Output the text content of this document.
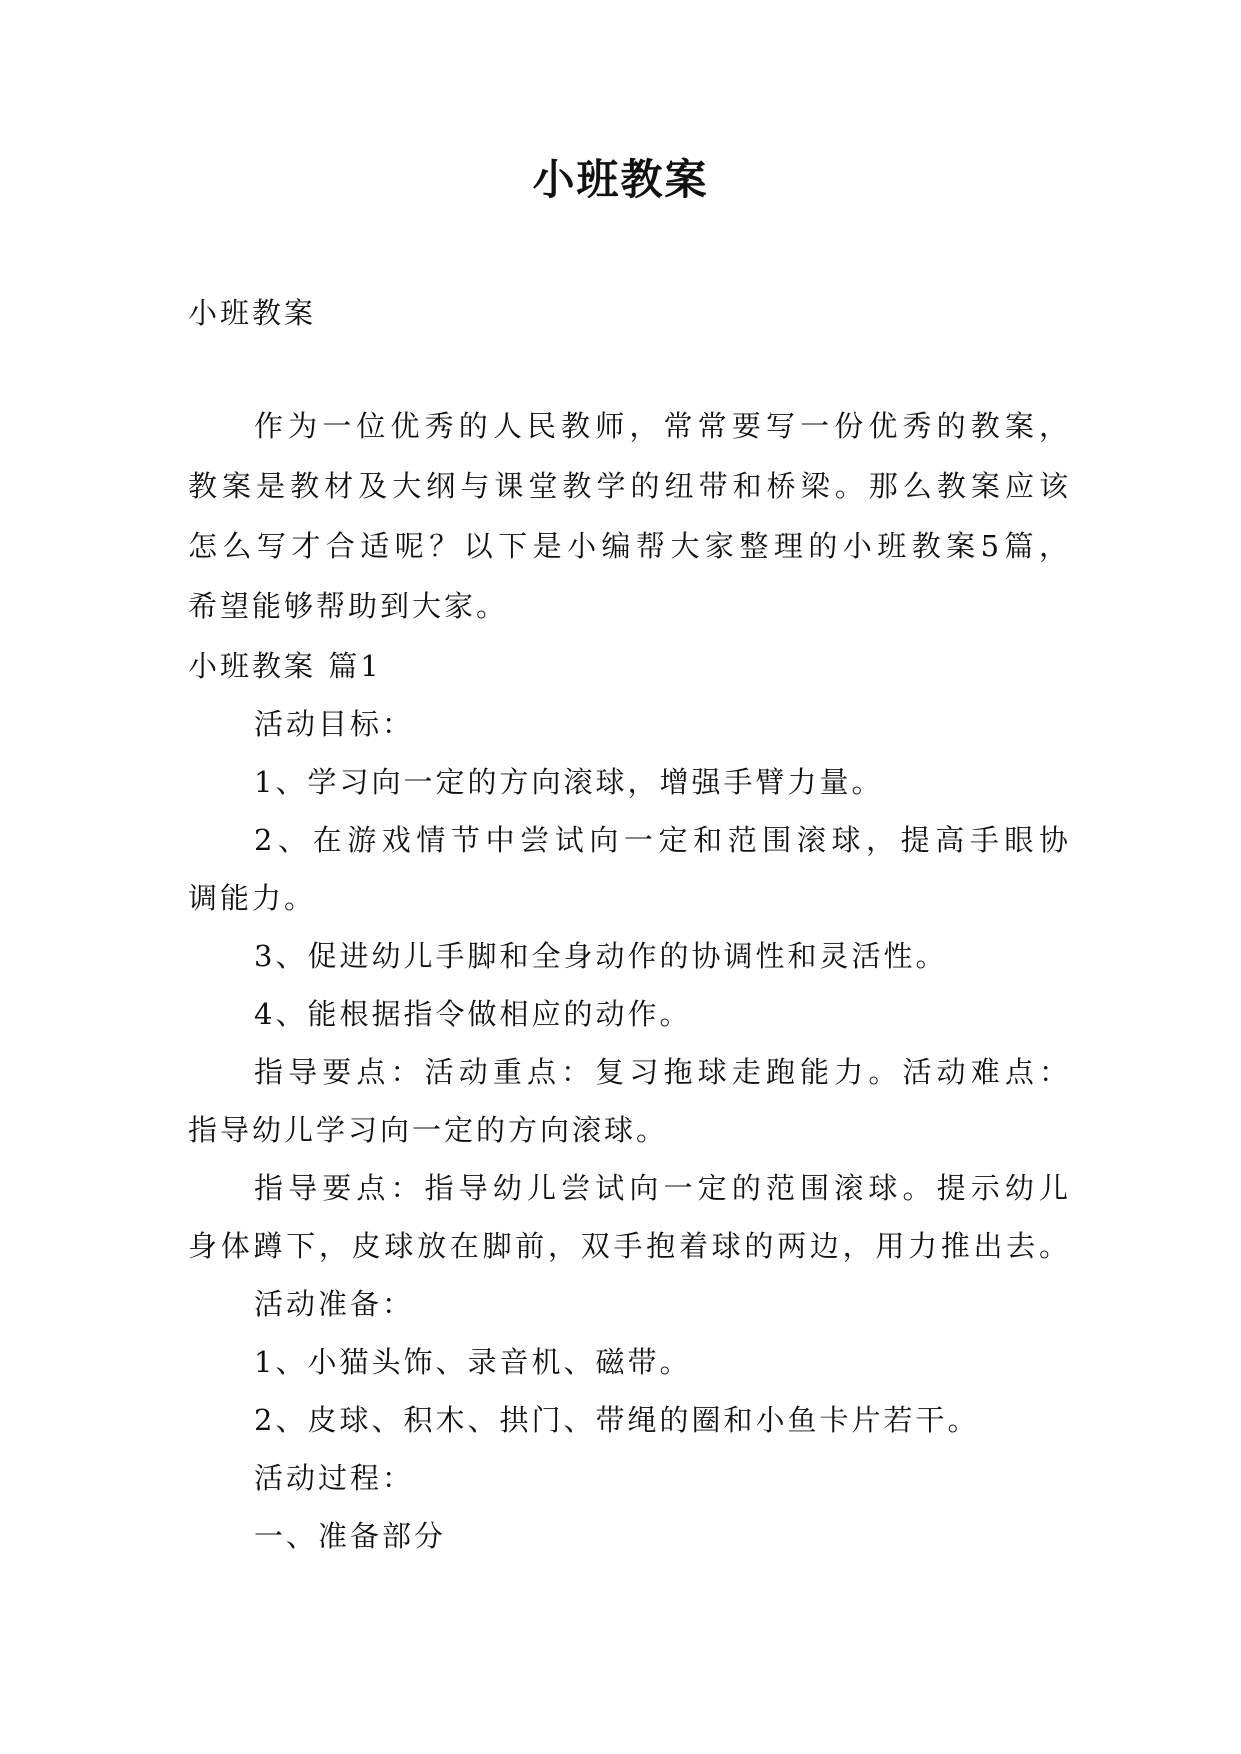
小班教案
小班教案
作为一位优秀的人民教师，常常要写一份优秀的教案，
教案是教材及大纲与课堂教学的纽带和桥梁。那么教案应该
怎么写才合适呢？以下是小编帮大家整理的小班教案5篇，
希望能够帮助到大家。
小班教案 篇1
活动目标：
1、学习向一定的方向滚球，增强手臂力量。
2、在游戏情节中尝试向一定和范围滚球，提高手眼协
调能力。
3、促进幼儿手脚和全身动作的协调性和灵活性。
4、能根据指令做相应的动作。
指导要点：活动重点：复习拖球走跑能力。活动难点：
指导幼儿学习向一定的方向滚球。
指导要点：指导幼儿尝试向一定的范围滚球。提示幼儿
身体蹲下，皮球放在脚前，双手抱着球的两边，用力推出去。
活动准备：
1、小猫头饰、录音机、磁带。
2、皮球、积木、拱门、带绳的圈和小鱼卡片若干。
活动过程：
一、准备部分
